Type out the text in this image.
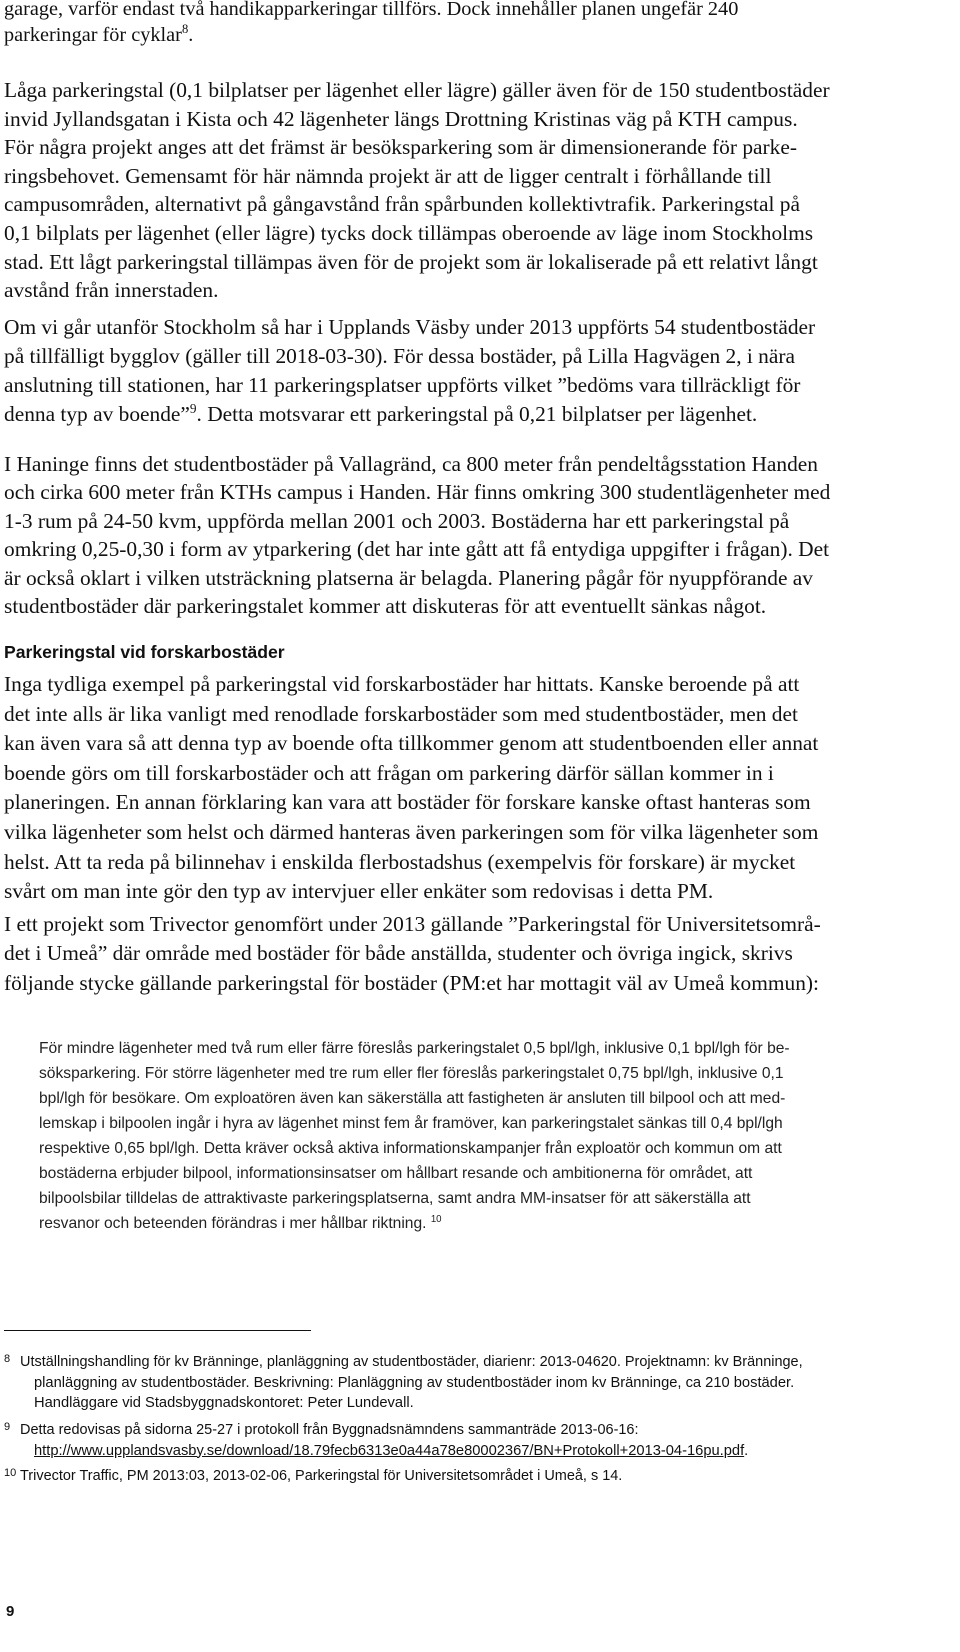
garage, varför endast två handikapparkeringar tillförs. Dock innehåller planen ungefär 240
parkeringar för cyklar$^8$.
Låga parkeringstal (0,1 bilplatser per lägenhet eller lägre) gäller även för de 150 studentbostäder
invid Jyllandsgatan i Kista och 42 lägenheter längs Drottning Kristinas väg på KTH campus.
För några projekt anges att det främst är besöksparkering som är dimensionerande för parke-
ringsbehovet. Gemensamt för här nämnda projekt är att de ligger centralt i förhållande till
campusområden, alternativt på gångavstånd från spårbunden kollektivtrafik. Parkeringstal på
0,1 bilplats per lägenhet (eller lägre) tycks dock tillämpas oberoende av läge inom Stockholms
stad. Ett lågt parkeringstal tillämpas även för de projekt som är lokaliserade på ett relativt långt
avstånd från innerstaden.
Om vi går utanför Stockholm så har i Upplands Väsby under 2013 uppförts 54 studentbostäder
på tillfälligt bygglov (gäller till 2018-03-30). För dessa bostäder, på Lilla Hagvägen 2, i nära
anslutning till stationen, har 11 parkeringsplatser uppförts vilket ”bedöms vara tillräckligt för
denna typ av boende”$^9$. Detta motsvarar ett parkeringstal på 0,21 bilplatser per lägenhet.
I Haninge finns det studentbostäder på Vallagränd, ca 800 meter från pendeltågsstation Handen
och cirka 600 meter från KTHs campus i Handen. Här finns omkring 300 studentlägenheter med
1-3 rum på 24-50 kvm, uppförda mellan 2001 och 2003. Bostäderna har ett parkeringstal på
omkring 0,25-0,30 i form av ytparkering (det har inte gått att få entydiga uppgifter i frågan). Det
är också oklart i vilken utsträckning platserna är belagda. Planering pågår för nyuppförande av
studentbostäder där parkeringstalet kommer att diskuteras för att eventuellt sänkas något.
Parkeringstal vid forskarbostäder
Inga tydliga exempel på parkeringstal vid forskarbostäder har hittats. Kanske beroende på att
det inte alls är lika vanligt med renodlade forskarbostäder som med studentbostäder, men det
kan även vara så att denna typ av boende ofta tillkommer genom att studentboenden eller annat
boende görs om till forskarbostäder och att frågan om parkering därför sällan kommer in i
planeringen. En annan förklaring kan vara att bostäder för forskare kanske oftast hanteras som
vilka lägenheter som helst och därmed hanteras även parkeringen som för vilka lägenheter som
helst. Att ta reda på bilinnehav i enskilda flerbostadshus (exempelvis för forskare) är mycket
svårt om man inte gör den typ av intervjuer eller enkäter som redovisas i detta PM.
I ett projekt som Trivector genomfört under 2013 gällande ”Parkeringstal för Universitetsområ-
det i Umeå” där område med bostäder för både anställda, studenter och övriga ingick, skrivs
följande stycke gällande parkeringstal för bostäder (PM:et har mottagit väl av Umeå kommun):
För mindre lägenheter med två rum eller färre föreslås parkeringstalet 0,5 bpl/lgh, inklusive 0,1 bpl/lgh för be-
söksparkering. För större lägenheter med tre rum eller fler föreslås parkeringstalet 0,75 bpl/lgh, inklusive 0,1
bpl/lgh för besökare. Om exploatören även kan säkerställa att fastigheten är ansluten till bilpool och att med-
lemskap i bilpoolen ingår i hyra av lägenhet minst fem år framöver, kan parkeringstalet sänkas till 0,4 bpl/lgh
respektive 0,65 bpl/lgh. Detta kräver också aktiva informationskampanjer från exploatör och kommun om att
bostäderna erbjuder bilpool, informationsinsatser om hållbart resande och ambitionerna för området, att
bilpoolsbilar tilldelas de attraktivaste parkeringsplatserna, samt andra MM-insatser för att säkerställa att
resvanor och beteenden förändras i mer hållbar riktning. $^{10}$
8 Utställningshandling för kv Bränninge, planläggning av studentbostäder, diarienr: 2013-04620. Projektnamn: kv Bränninge,
planläggning av studentbostäder. Beskrivning: Planläggning av studentbostäder inom kv Bränninge, ca 210 bostäder.
Handläggare vid Stadsbyggnadskontoret: Peter Lundevall.
9 Detta redovisas på sidorna 25-27 i protokoll från Byggnadsnämndens sammanträde 2013-06-16:
http://www.upplandsvasby.se/download/18.79fecb6313e0a44a78e80002367/BN+Protokoll+2013-04-16pu.pdf.
10 Trivector Traffic, PM 2013:03, 2013-02-06, Parkeringstal för Universitetsområdet i Umeå, s 14.
9
